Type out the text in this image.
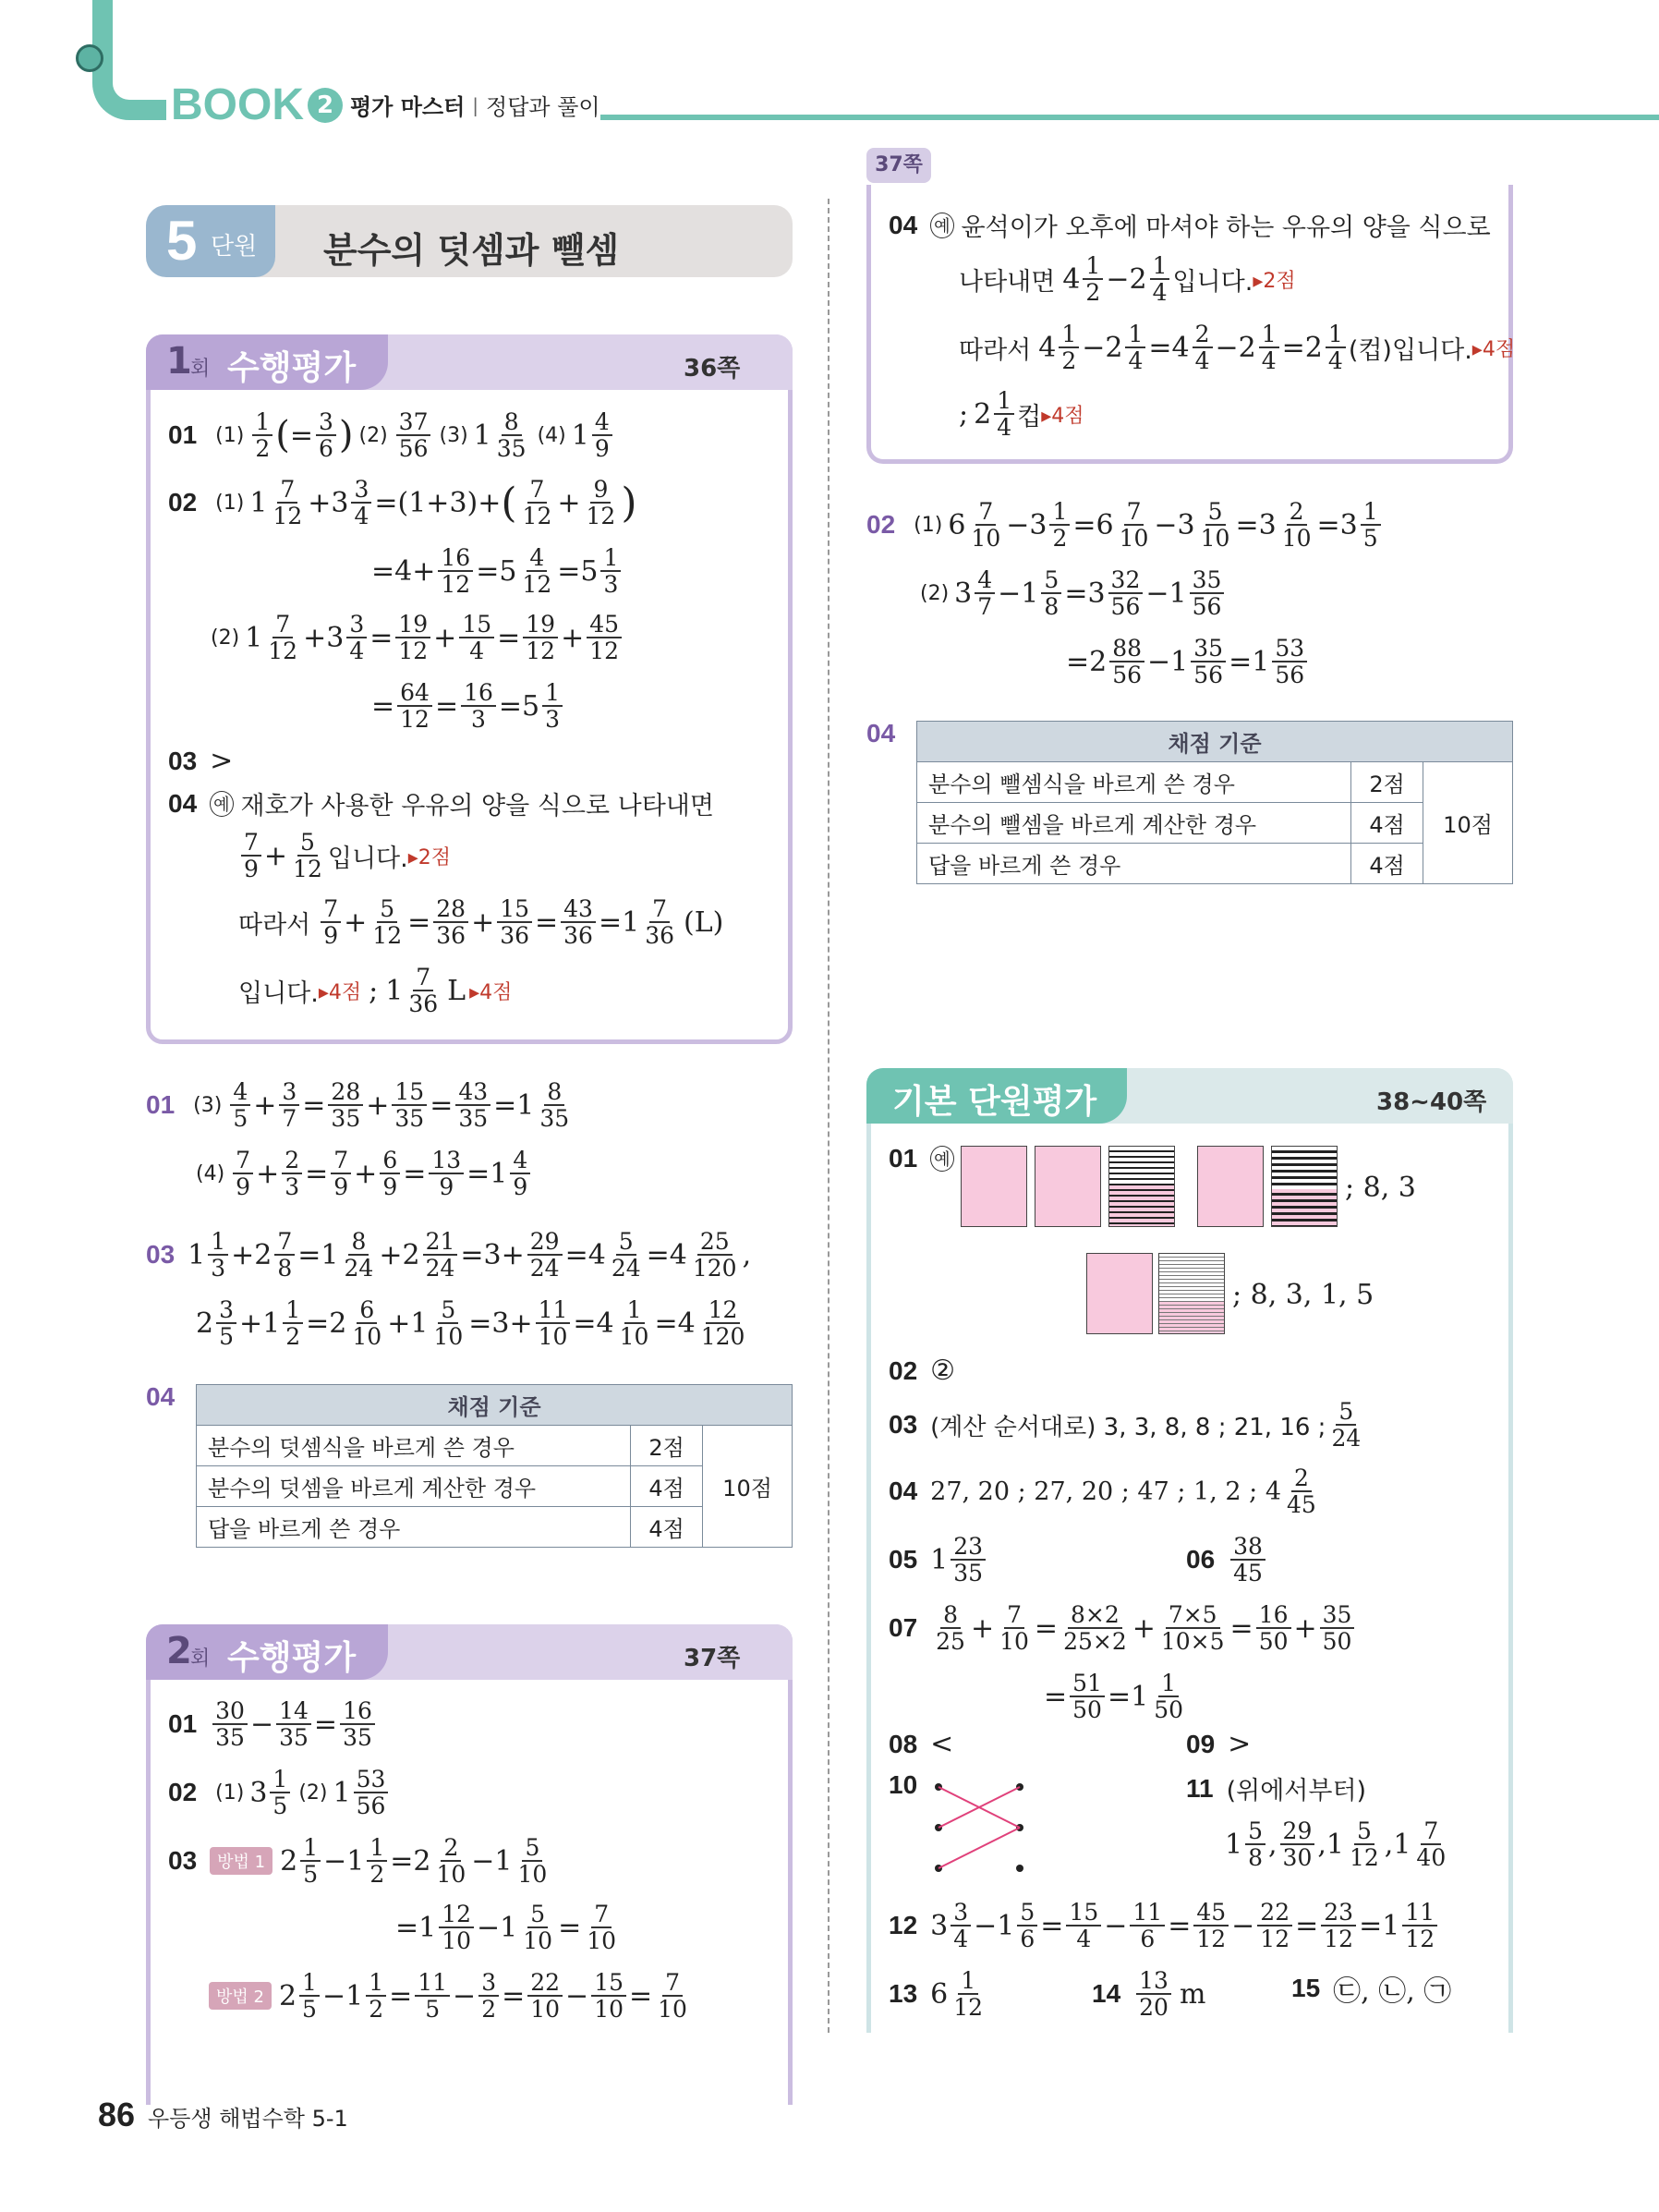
BOOK 2 평가 마스터 | 정답과 풀이
5 단원 분수의 덧셈과 뺄셈
1
회 수행평가	36쪽
01 (1) 1
2 ( = 3
6 ) (2) 37
56 (3) 1 8
35 (4) 1 4
9
02 (1) 1 7
12 +3 3
4 =(1+3)+ ( 7
12 + 9
12 )
=4+ 16
12 =5 4
12 =5 1
3
(2) 1 7
12 +3 3
4 = 19
12 + 15
4 = 19
12 + 45
12
= 64
12 = 16
3 =5 1
3
03 >
04 예 재호가 사용한 우유의 양을 식으로 나타내면
7
9 + 5
12 입니다. ▸2점
따라서
7
9 + 5
12 = 28
36 + 15
36 = 43
36 =1 7
36 (L)
입니다. ▸4점 ; 1 7
36 L ▸4점
01 (3) 4
5 + 3
7 = 28
35 + 15
35 = 43
35 =1 8
35
(4) 7
9 + 2
3 = 7
9 + 6
9 = 13
9 =1 4
9
03 1 1
3 +2 7
8 =1 8
24 +2 21
24 =3+ 29
24 =4 5
24 =4 25
120 ,
2 3
5 +1 1
2 =2 6
10 +1 5
10 =3+ 11
10 =4 1
10 =4 12
120
04	채점 기준		
분수의 덧셈식을 바르게 쓴 경우	2점	10점
분수의 덧셈을 바르게 계산한 경우	4점	
답을 바르게 쓴 경우	4점	
2
회 수행평가	37쪽
01 30
35 − 14
35 = 16
35
02 (1) 3 1
5 (2) 1 53
56
03	방법 1 2 1
5 −1 1
2 =2 2
10 −1 5
10
=1 12
10 −1 5
10 = 7
10
방법 2 2 1
5 −1 1
2 = 11
5 − 3
2 = 22
10 − 15
10 = 7
10
37쪽
04 예 윤석이가 오후에 마셔야 하는 우유의 양을 식으로
나타내면 4 1
2 −2 1
4 입니다. ▸2점
따라서 4 1
2 −2 1
4 =4 2
4 −2 1
4 =2 1
4 (컵)입니다. ▸4점
; 2 1
4 컵 ▸4점
02 (1) 6 7
10 −3 1
2 =6 7
10 −3 5
10 =3 2
10 =3 1
5
(2) 3 4
7 −1 5
8 =3 32
56 −1 35
56
=2 88
56 −1 35
56 =1 53
56
04	채점 기준		
분수의 뺄셈식을 바르게 쓴 경우	2점	10점
분수의 뺄셈을 바르게 계산한 경우	4점	
답을 바르게 쓴 경우	4점	
기본 단원평가	38~40쪽
01 예
; 8, 3
; 8, 3, 1, 5
02 ②
03 (계산 순서대로) 3, 3, 8, 8 ; 21, 16 ;
5
24
04 27, 20 ; 27, 20 ; 47 ; 1, 2 ; 4 2
45
05 1 23
35	06 38
45
07 8
25 + 7
10 = 8×2
25×2 + 7×5
10×5 = 16
50 + 35
50
= 51
50 =1 1
50
08 <	09 >
10	11 (위에서부터)
1 5
8 , 29
30 ,1 5
12 ,1 7
40
12 3 3
4 −1 5
6 = 15
4 − 11
6 = 45
12 − 22
12 = 23
12 =1 11
12
13 6 1
12	14 13
20 m	15 ㉢, ㉡, ㉠
86 우등생 해법수학 5-1
